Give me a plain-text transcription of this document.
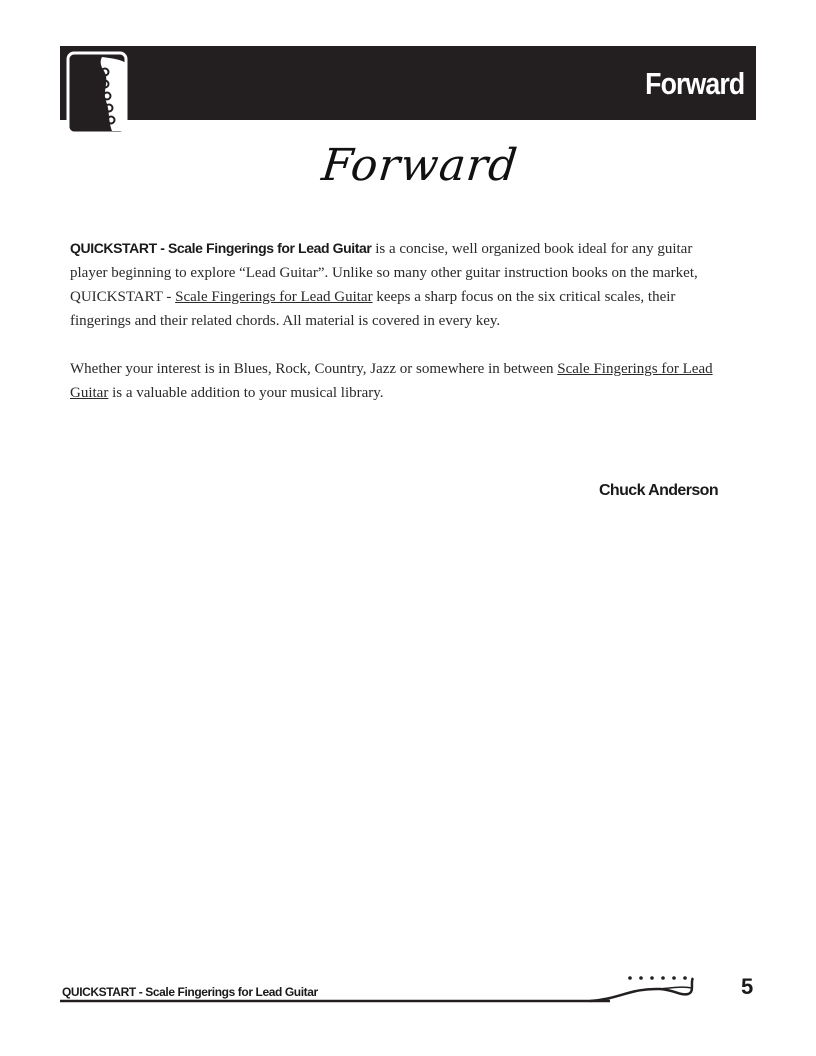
Forward
Forward

QUICKSTART - Scale Fingerings for Lead Guitar is a concise, well organized book ideal for any guitar player beginning to explore “Lead Guitar”. Unlike so many other guitar instruction books on the market, QUICKSTART - Scale Fingerings for Lead Guitar keeps a sharp focus on the six critical scales, their fingerings and their related chords. All material is covered in every key.

Whether your interest is in Blues, Rock, Country, Jazz or somewhere in between Scale Fingerings for Lead Guitar is a valuable addition to your musical library.

Chuck Anderson
QUICKSTART - Scale Fingerings for Lead Guitar	5
